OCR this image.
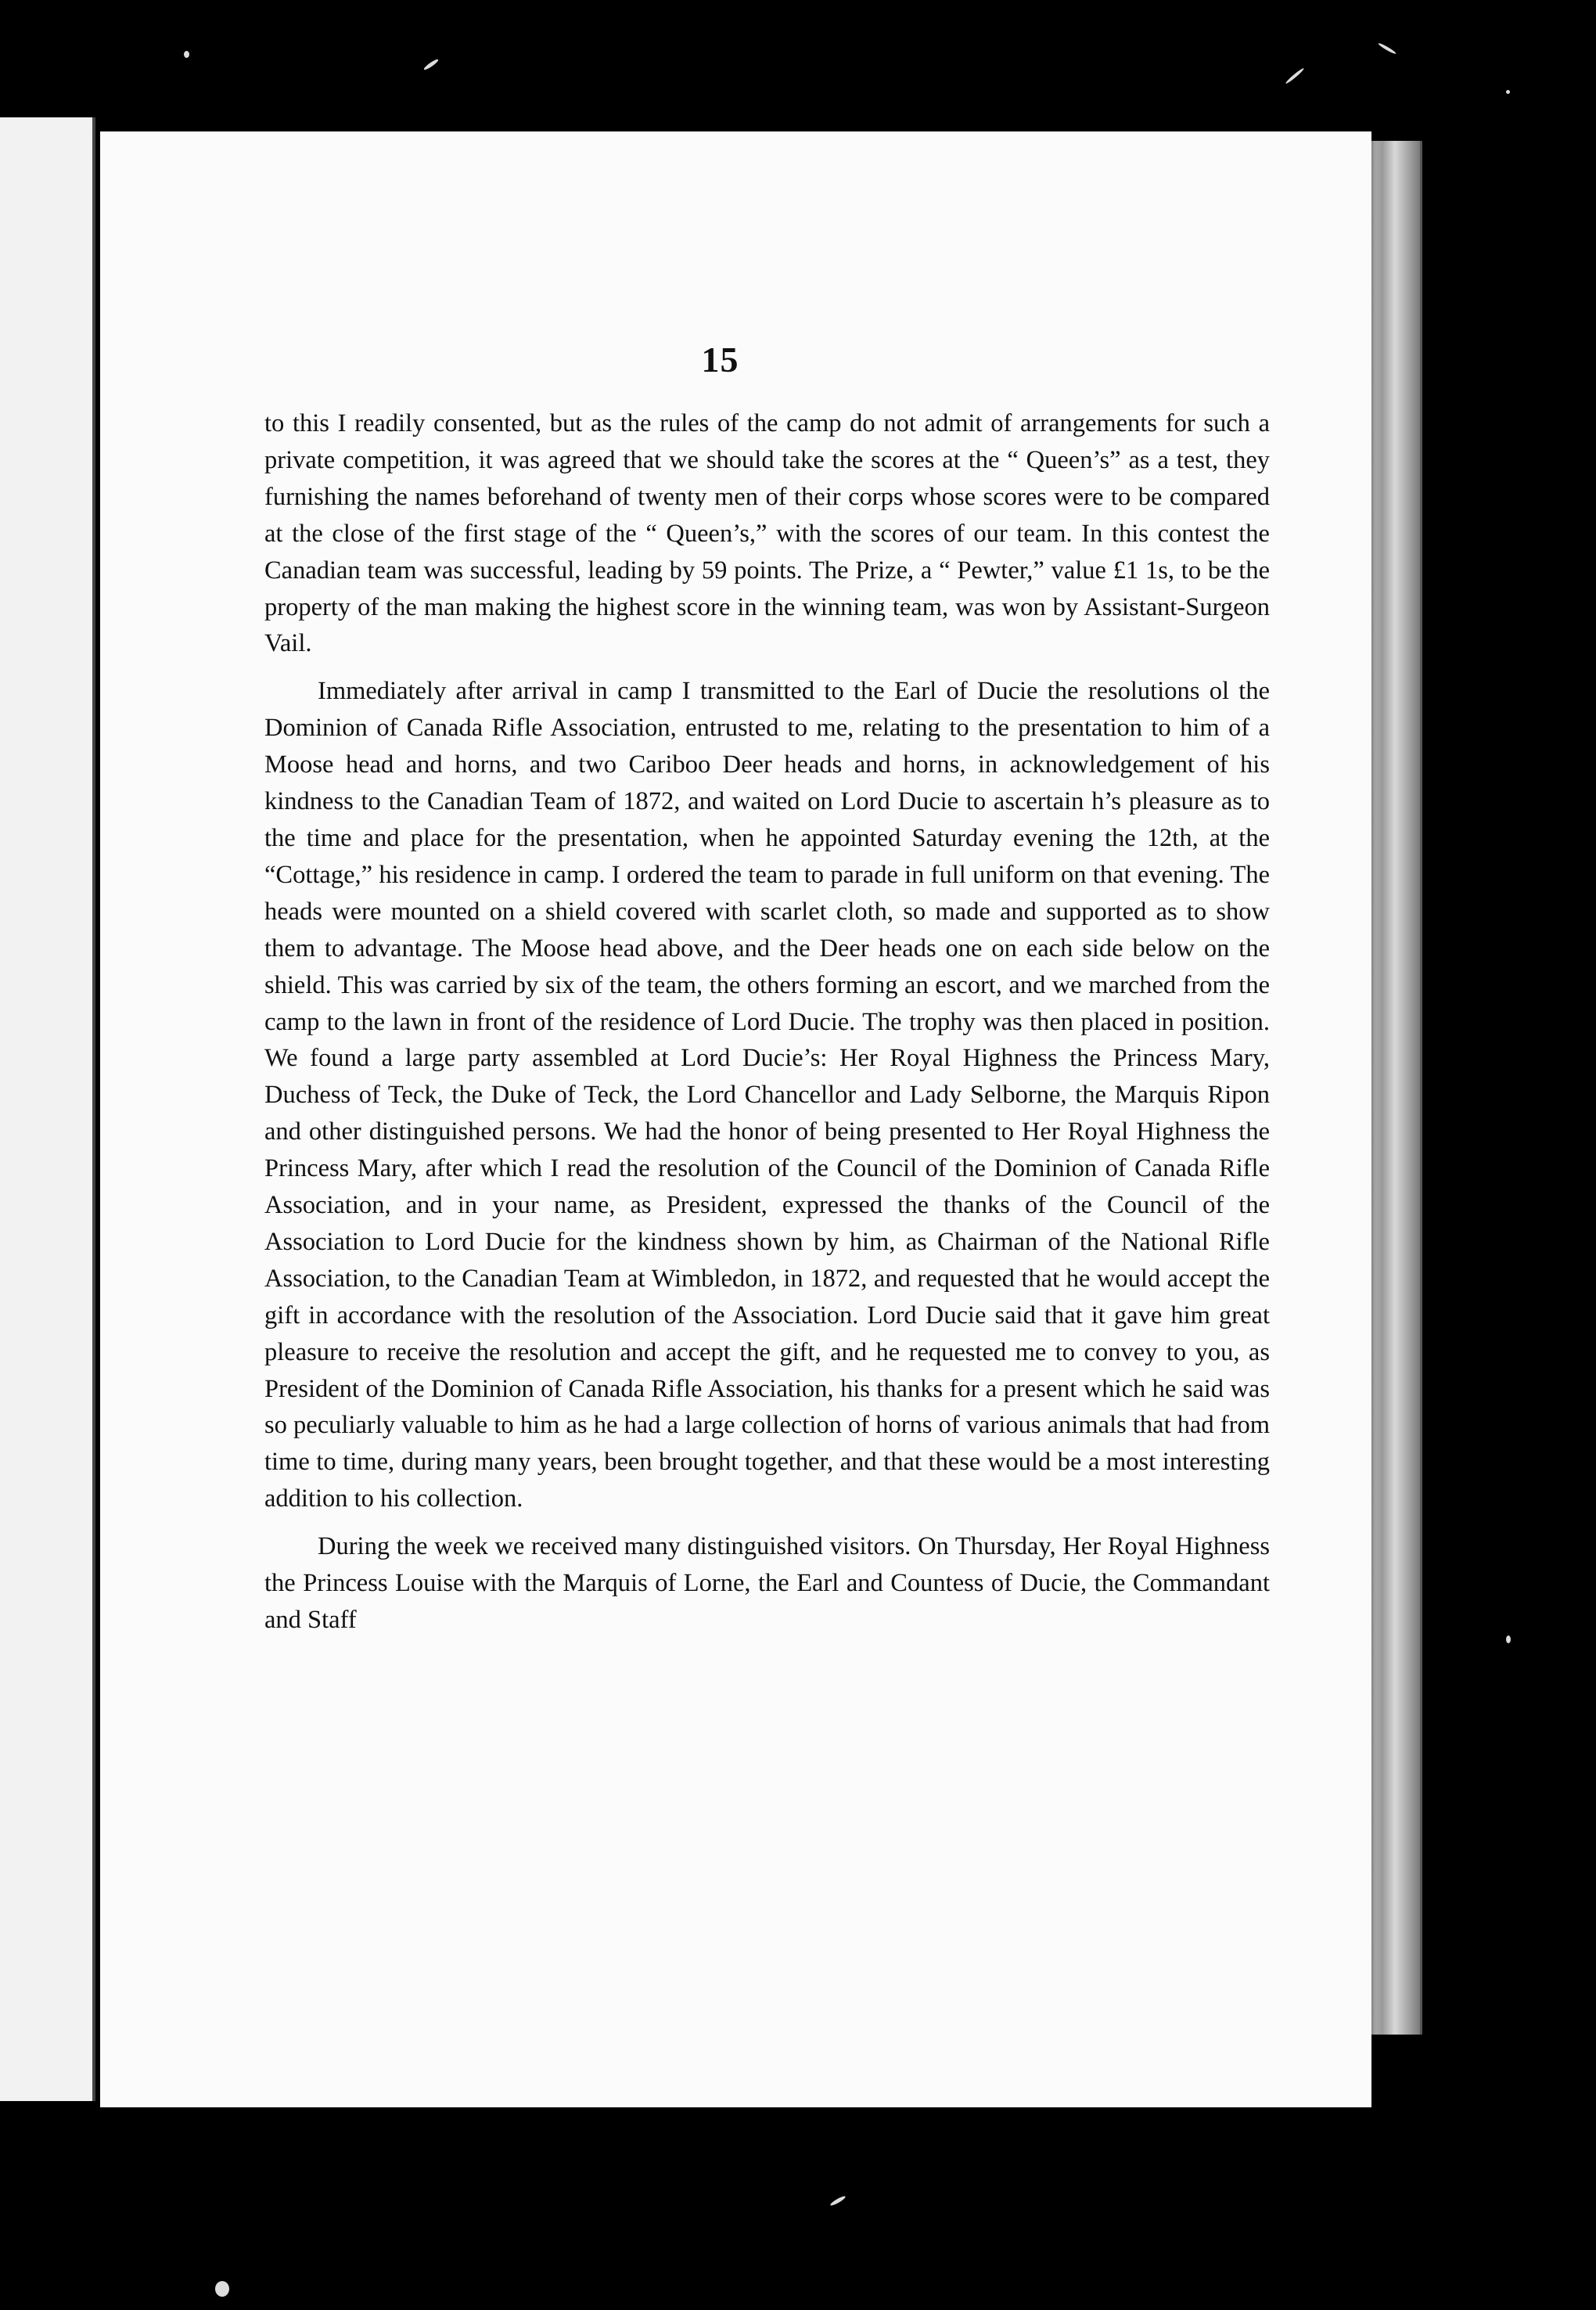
15

to this I readily consented, but as the rules of the camp do not admit of arrangements for such a private competition, it was agreed that we should take the scores at the “ Queen’s” as a test, they furnishing the names beforehand of twenty men of their corps whose scores were to be compared at the close of the first stage of the “ Queen’s,” with the scores of our team. In this contest the Canadian team was successful, leading by 59 points. The Prize, a “ Pewter,” value £1 1s, to be the property of the man making the highest score in the winning team, was won by Assistant-Surgeon Vail.

Immediately after arrival in camp I transmitted to the Earl of Ducie the resolutions ol the Dominion of Canada Rifle Association, entrusted to me, relating to the presentation to him of a Moose head and horns, and two Cariboo Deer heads and horns, in acknowledgement of his kindness to the Canadian Team of 1872, and waited on Lord Ducie to ascertain h’s pleasure as to the time and place for the presentation, when he appointed Saturday evening the 12th, at the “Cottage,” his residence in camp. I ordered the team to parade in full uniform on that evening. The heads were mounted on a shield covered with scarlet cloth, so made and supported as to show them to advantage. The Moose head above, and the Deer heads one on each side below on the shield. This was carried by six of the team, the others forming an escort, and we marched from the camp to the lawn in front of the residence of Lord Ducie. The trophy was then placed in position. We found a large party assembled at Lord Ducie’s: Her Royal Highness the Princess Mary, Duchess of Teck, the Duke of Teck, the Lord Chancellor and Lady Selborne, the Marquis Ripon and other distinguished persons. We had the honor of being presented to Her Royal Highness the Princess Mary, after which I read the resolution of the Council of the Dominion of Canada Rifle Association, and in your name, as President, expressed the thanks of the Council of the Association to Lord Ducie for the kindness shown by him, as Chairman of the National Rifle Association, to the Canadian Team at Wimbledon, in 1872, and requested that he would accept the gift in accordance with the resolution of the Association. Lord Ducie said that it gave him great pleasure to receive the resolution and accept the gift, and he requested me to convey to you, as President of the Dominion of Canada Rifle Association, his thanks for a present which he said was so peculiarly valuable to him as he had a large collection of horns of various animals that had from time to time, during many years, been brought together, and that these would be a most interesting addition to his collection.

During the week we received many distinguished visitors. On Thursday, Her Royal Highness the Princess Louise with the Marquis of Lorne, the Earl and Countess of Ducie, the Commandant and Staff
